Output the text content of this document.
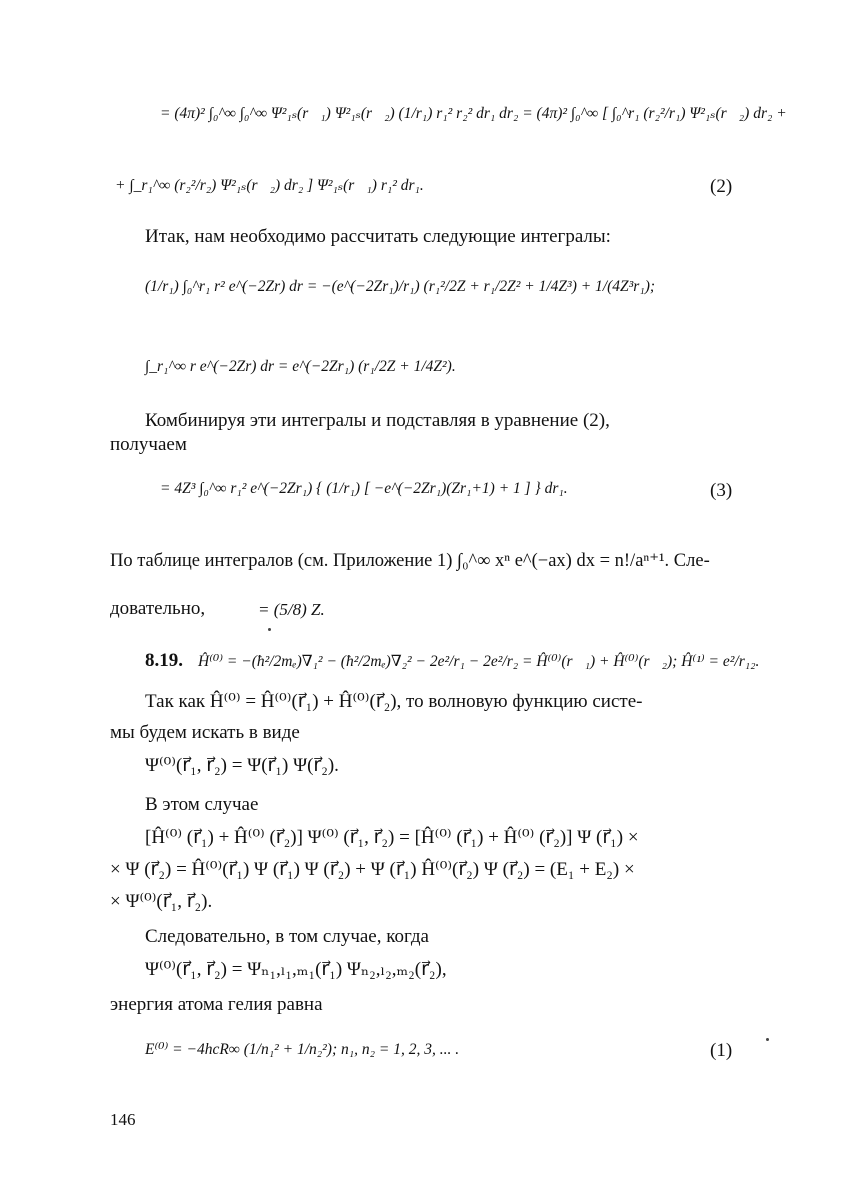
= (4π)² ∫₀^∞ ∫₀^∞ Ψ²₁ₛ(r⃗₁) Ψ²₁ₛ(r⃗₂) (1/r₁) r₁² r₂² dr₁ dr₂ = (4π)² ∫₀^∞ [ ∫₀^r₁ (r₂²/r₁) Ψ²₁ₛ(r⃗₂) dr₂ +
+ ∫_r₁^∞ (r₂²/r₂) Ψ²₁ₛ(r⃗₂) dr₂ ] Ψ²₁ₛ(r⃗₁) r₁² dr₁.	(2)
Итак, нам необходимо рассчитать следующие интегралы:
(1/r₁) ∫₀^r₁ r² e^(−2Zr) dr = −(e^(−2Zr₁)/r₁) (r₁²/2Z + r₁/2Z² + 1/4Z³) + 1/(4Z³r₁);
∫_r₁^∞ r e^(−2Zr) dr = e^(−2Zr₁) (r₁/2Z + 1/4Z²).
Комбинируя эти интегралы и подставляя в уравнение (2),
получаем
= 4Z³ ∫₀^∞ r₁² e^(−2Zr₁) { (1/r₁) [ −e^(−2Zr₁)(Zr₁+1) + 1 ] } dr₁.	(3)
По таблице интегралов (см. Приложение 1) ∫₀^∞ xⁿ e^(−ax) dx = n!/aⁿ⁺¹. Сле-
довательно,	= (5/8) Z.
8.19. Ĥ⁽⁰⁾ = −(ħ²/2mₑ)∇₁² − (ħ²/2mₑ)∇₂² − 2e²/r₁ − 2e²/r₂ = Ĥ⁽⁰⁾(r⃗₁) + Ĥ⁽⁰⁾(r⃗₂); Ĥ⁽¹⁾ = e²/r₁₂.
Так как Ĥ⁽⁰⁾ = Ĥ⁽⁰⁾(r⃗₁) + Ĥ⁽⁰⁾(r⃗₂), то волновую функцию систе-
мы будем искать в виде
Ψ⁽⁰⁾(r⃗₁, r⃗₂) = Ψ(r⃗₁) Ψ(r⃗₂).
В этом случае
[Ĥ⁽⁰⁾ (r⃗₁) + Ĥ⁽⁰⁾ (r⃗₂)] Ψ⁽⁰⁾ (r⃗₁, r⃗₂) = [Ĥ⁽⁰⁾ (r⃗₁) + Ĥ⁽⁰⁾ (r⃗₂)] Ψ (r⃗₁) ×
× Ψ (r⃗₂) = Ĥ⁽⁰⁾(r⃗₁) Ψ (r⃗₁) Ψ (r⃗₂) + Ψ (r⃗₁) Ĥ⁽⁰⁾(r⃗₂) Ψ (r⃗₂) = (E₁ + E₂) ×
× Ψ⁽⁰⁾(r⃗₁, r⃗₂).
Следовательно, в том случае, когда
Ψ⁽⁰⁾(r⃗₁, r⃗₂) = Ψₙ₁,ₗ₁,ₘ₁(r⃗₁) Ψₙ₂,ₗ₂,ₘ₂(r⃗₂),
энергия атома гелия равна
E⁽⁰⁾ = −4hcR∞ (1/n₁² + 1/n₂²); n₁, n₂ = 1, 2, 3, ... .	(1)
146
